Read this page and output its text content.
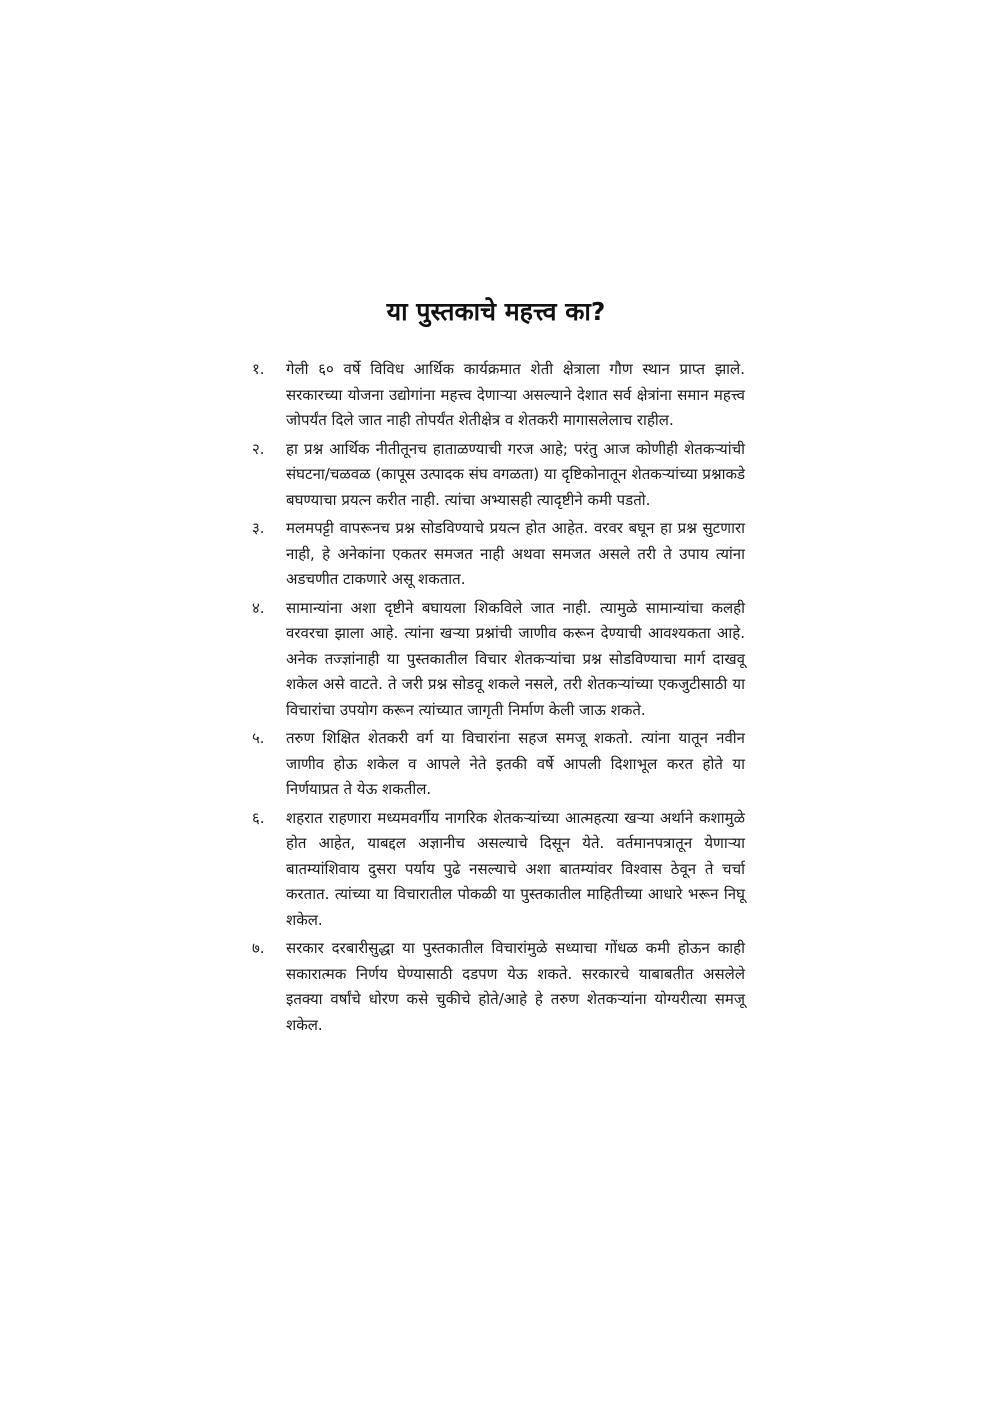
या पुस्तकाचे महत्त्व का?
१.	गेली ६० वर्षे विविध आर्थिक कार्यक्रमात शेती क्षेत्राला गौण स्थान प्राप्त झाले. सरकारच्या योजना उद्योगांना महत्त्व देणाऱ्या असल्याने देशात सर्व क्षेत्रांना समान महत्त्व जोपर्यंत दिले जात नाही तोपर्यंत शेतीक्षेत्र व शेतकरी मागासलेलाच राहील.
२.	हा प्रश्न आर्थिक नीतीतूनच हाताळण्याची गरज आहे; परंतु आज कोणीही शेतकऱ्यांची संघटना/चळवळ (कापूस उत्पादक संघ वगळता) या दृष्टिकोनातून शेतकऱ्यांच्या प्रश्नाकडे बघण्याचा प्रयत्न करीत नाही. त्यांचा अभ्यासही त्यादृष्टीने कमी पडतो.
३.	मलमपट्टी वापरूनच प्रश्न सोडविण्याचे प्रयत्न होत आहेत. वरवर बघून हा प्रश्न सुटणारा नाही, हे अनेकांना एकतर समजत नाही अथवा समजत असले तरी ते उपाय त्यांना अडचणीत टाकणारे असू शकतात.
४.	सामान्यांना अशा दृष्टीने बघायला शिकविले जात नाही. त्यामुळे सामान्यांचा कलही वरवरचा झाला आहे. त्यांना खऱ्या प्रश्नांची जाणीव करून देण्याची आवश्यकता आहे. अनेक तज्ज्ञांनाही या पुस्तकातील विचार शेतकऱ्यांचा प्रश्न सोडविण्याचा मार्ग दाखवू शकेल असे वाटते. ते जरी प्रश्न सोडवू शकले नसले, तरी शेतकऱ्यांच्या एकजुटीसाठी या विचारांचा उपयोग करून त्यांच्यात जागृती निर्माण केली जाऊ शकते.
५.	तरुण शिक्षित शेतकरी वर्ग या विचारांना सहज समजू शकतो. त्यांना यातून नवीन जाणीव होऊ शकेल व आपले नेते इतकी वर्षे आपली दिशाभूल करत होते या निर्णयाप्रत ते येऊ शकतील.
६.	शहरात राहणारा मध्यमवर्गीय नागरिक शेतकऱ्यांच्या आत्महत्या खऱ्या अर्थाने कशामुळे होत आहेत, याबद्दल अज्ञानीच असल्याचे दिसून येते. वर्तमानपत्रातून येणाऱ्या बातम्यांशिवाय दुसरा पर्याय पुढे नसल्याचे अशा बातम्यांवर विश्वास ठेवून ते चर्चा करतात. त्यांच्या या विचारातील पोकळी या पुस्तकातील माहितीच्या आधारे भरून निघू शकेल.
७.	सरकार दरबारीसुद्धा या पुस्तकातील विचारांमुळे सध्याचा गोंधळ कमी होऊन काही सकारात्मक निर्णय घेण्यासाठी दडपण येऊ शकते. सरकारचे याबाबतीत असलेले इतक्या वर्षांचे धोरण कसे चुकीचे होते/आहे हे तरुण शेतकऱ्यांना योग्यरीत्या समजू शकेल.
